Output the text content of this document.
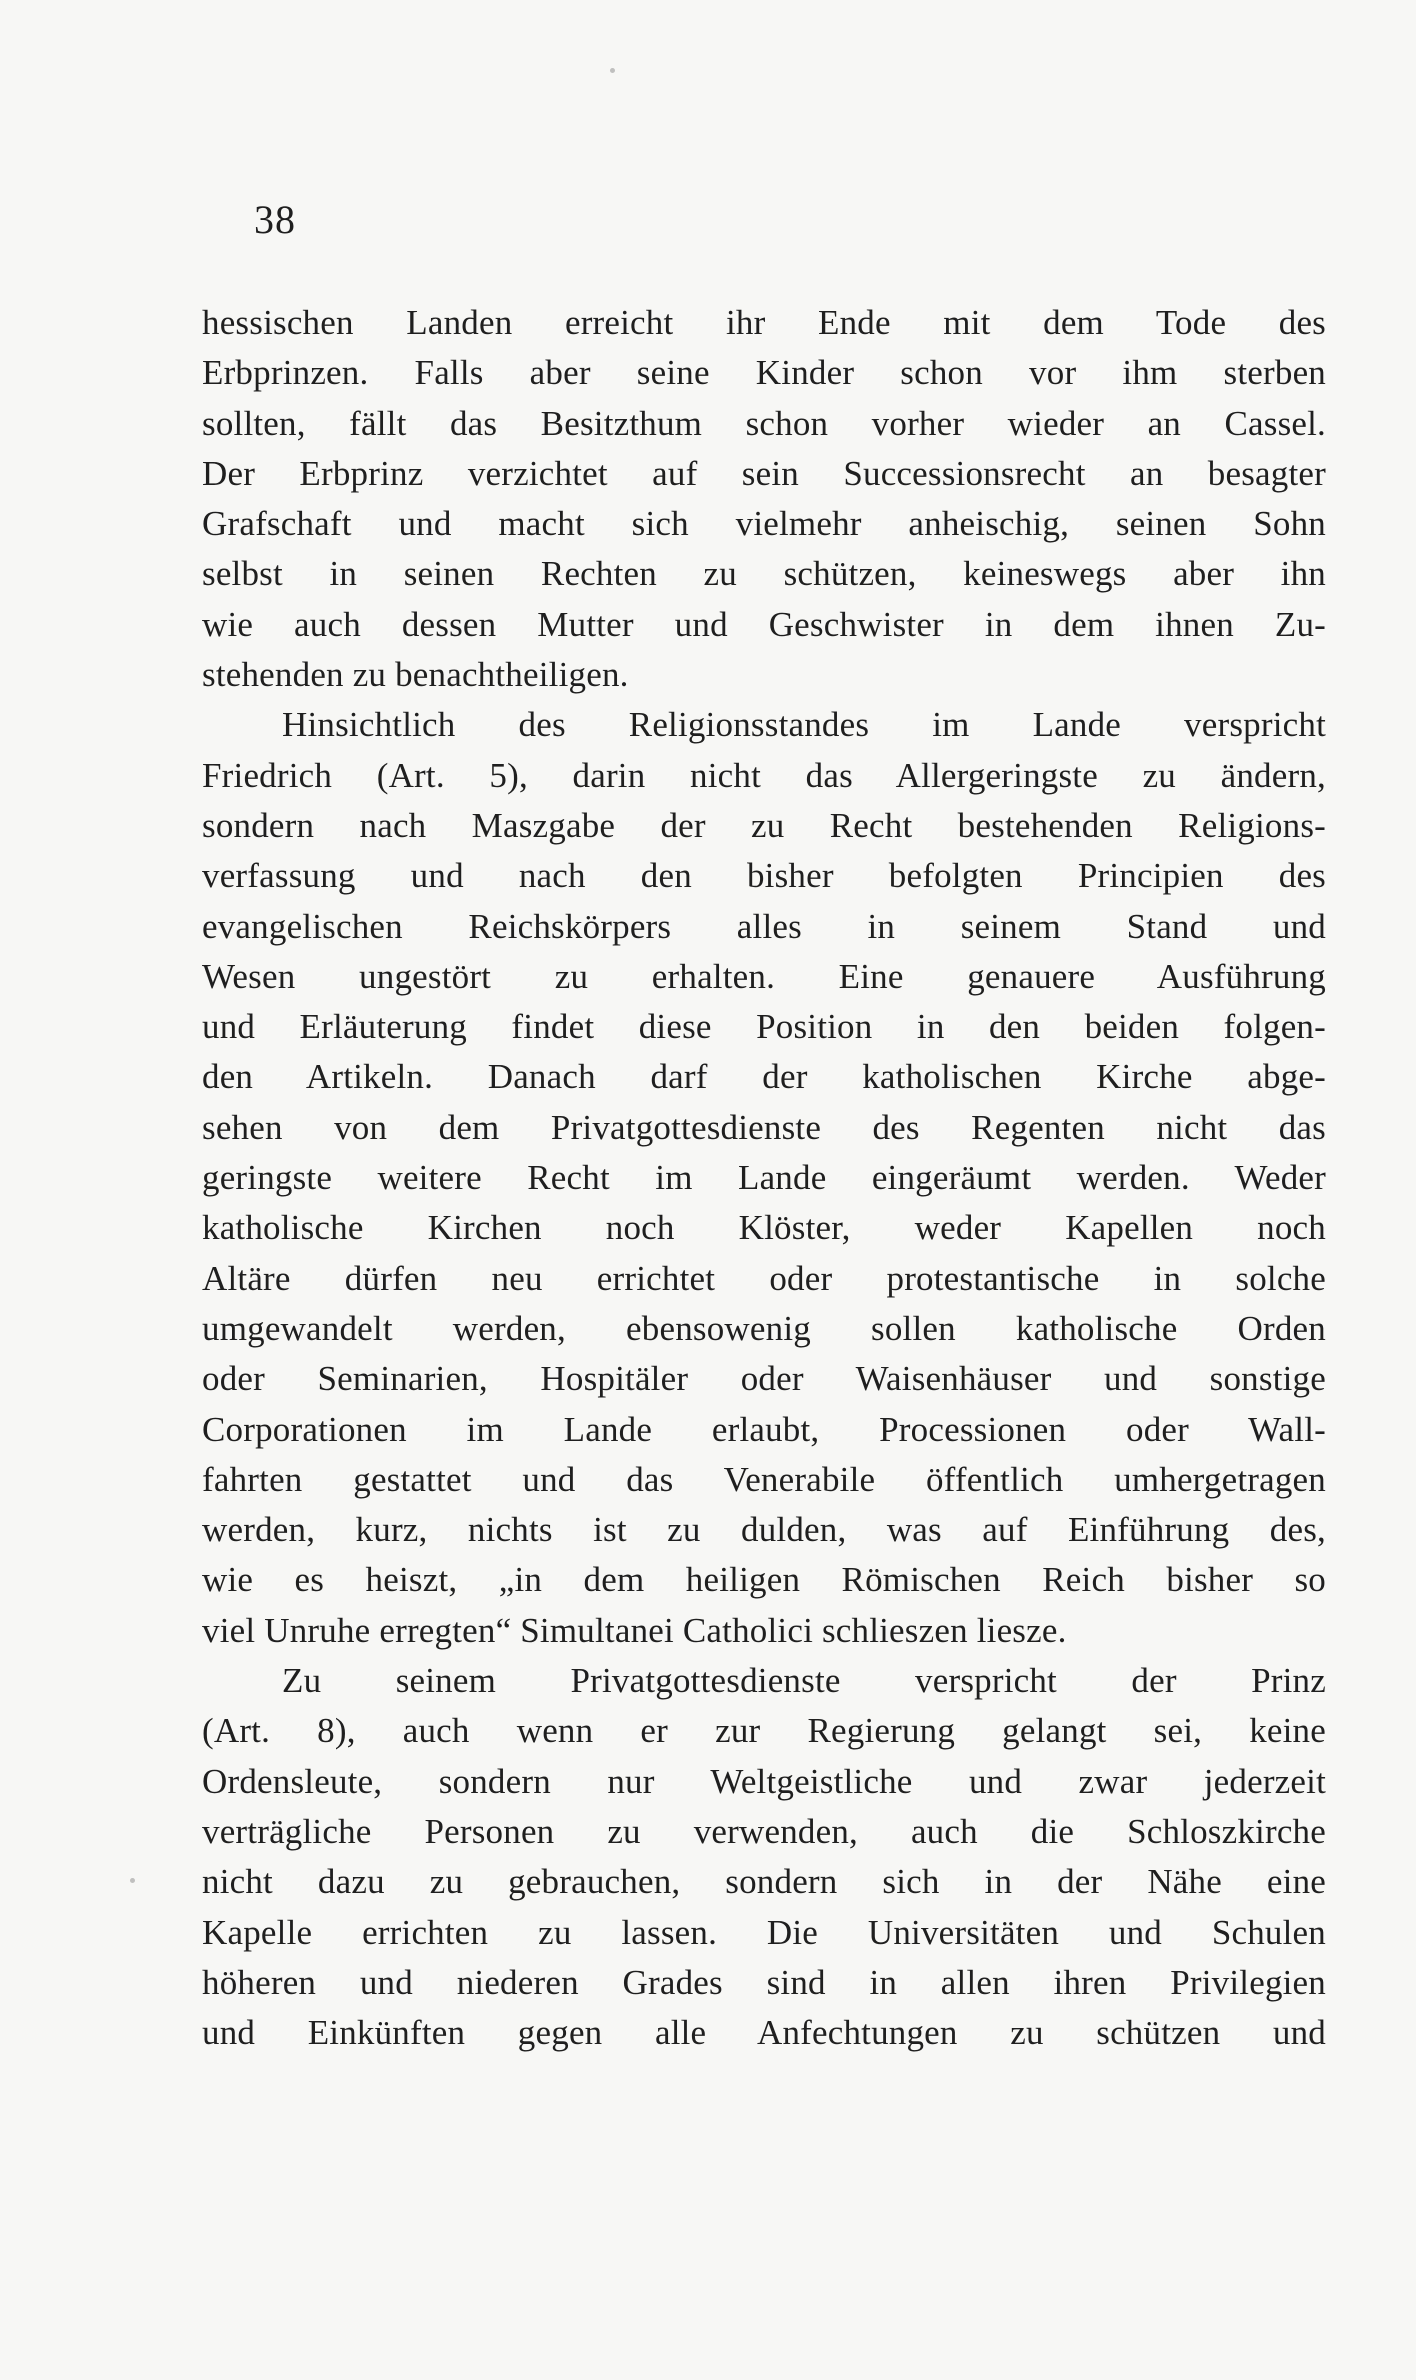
38
hessischen Landen erreicht ihr Ende mit dem Tode des
Erbprinzen. Falls aber seine Kinder schon vor ihm sterben
sollten, fällt das Besitzthum schon vorher wieder an Cassel.
Der Erbprinz verzichtet auf sein Successionsrecht an besagter
Grafschaft und macht sich vielmehr anheischig, seinen Sohn
selbst in seinen Rechten zu schützen, keineswegs aber ihn
wie auch dessen Mutter und Geschwister in dem ihnen Zu-
stehenden zu benachtheiligen.
Hinsichtlich des Religionsstandes im Lande verspricht
Friedrich (Art. 5), darin nicht das Allergeringste zu ändern,
sondern nach Maszgabe der zu Recht bestehenden Religions-
verfassung und nach den bisher befolgten Principien des
evangelischen Reichskörpers alles in seinem Stand und
Wesen ungestört zu erhalten. Eine genauere Ausführung
und Erläuterung findet diese Position in den beiden folgen-
den Artikeln. Danach darf der katholischen Kirche abge-
sehen von dem Privatgottesdienste des Regenten nicht das
geringste weitere Recht im Lande eingeräumt werden. Weder
katholische Kirchen noch Klöster, weder Kapellen noch
Altäre dürfen neu errichtet oder protestantische in solche
umgewandelt werden, ebensowenig sollen katholische Orden
oder Seminarien, Hospitäler oder Waisenhäuser und sonstige
Corporationen im Lande erlaubt, Processionen oder Wall-
fahrten gestattet und das Venerabile öffentlich umhergetragen
werden, kurz, nichts ist zu dulden, was auf Einführung des,
wie es heiszt, „in dem heiligen Römischen Reich bisher so
viel Unruhe erregten“ Simultanei Catholici schlieszen liesze.
Zu seinem Privatgottesdienste verspricht der Prinz
(Art. 8), auch wenn er zur Regierung gelangt sei, keine
Ordensleute, sondern nur Weltgeistliche und zwar jederzeit
verträgliche Personen zu verwenden, auch die Schloszkirche
nicht dazu zu gebrauchen, sondern sich in der Nähe eine
Kapelle errichten zu lassen. Die Universitäten und Schulen
höheren und niederen Grades sind in allen ihren Privilegien
und Einkünften gegen alle Anfechtungen zu schützen und
